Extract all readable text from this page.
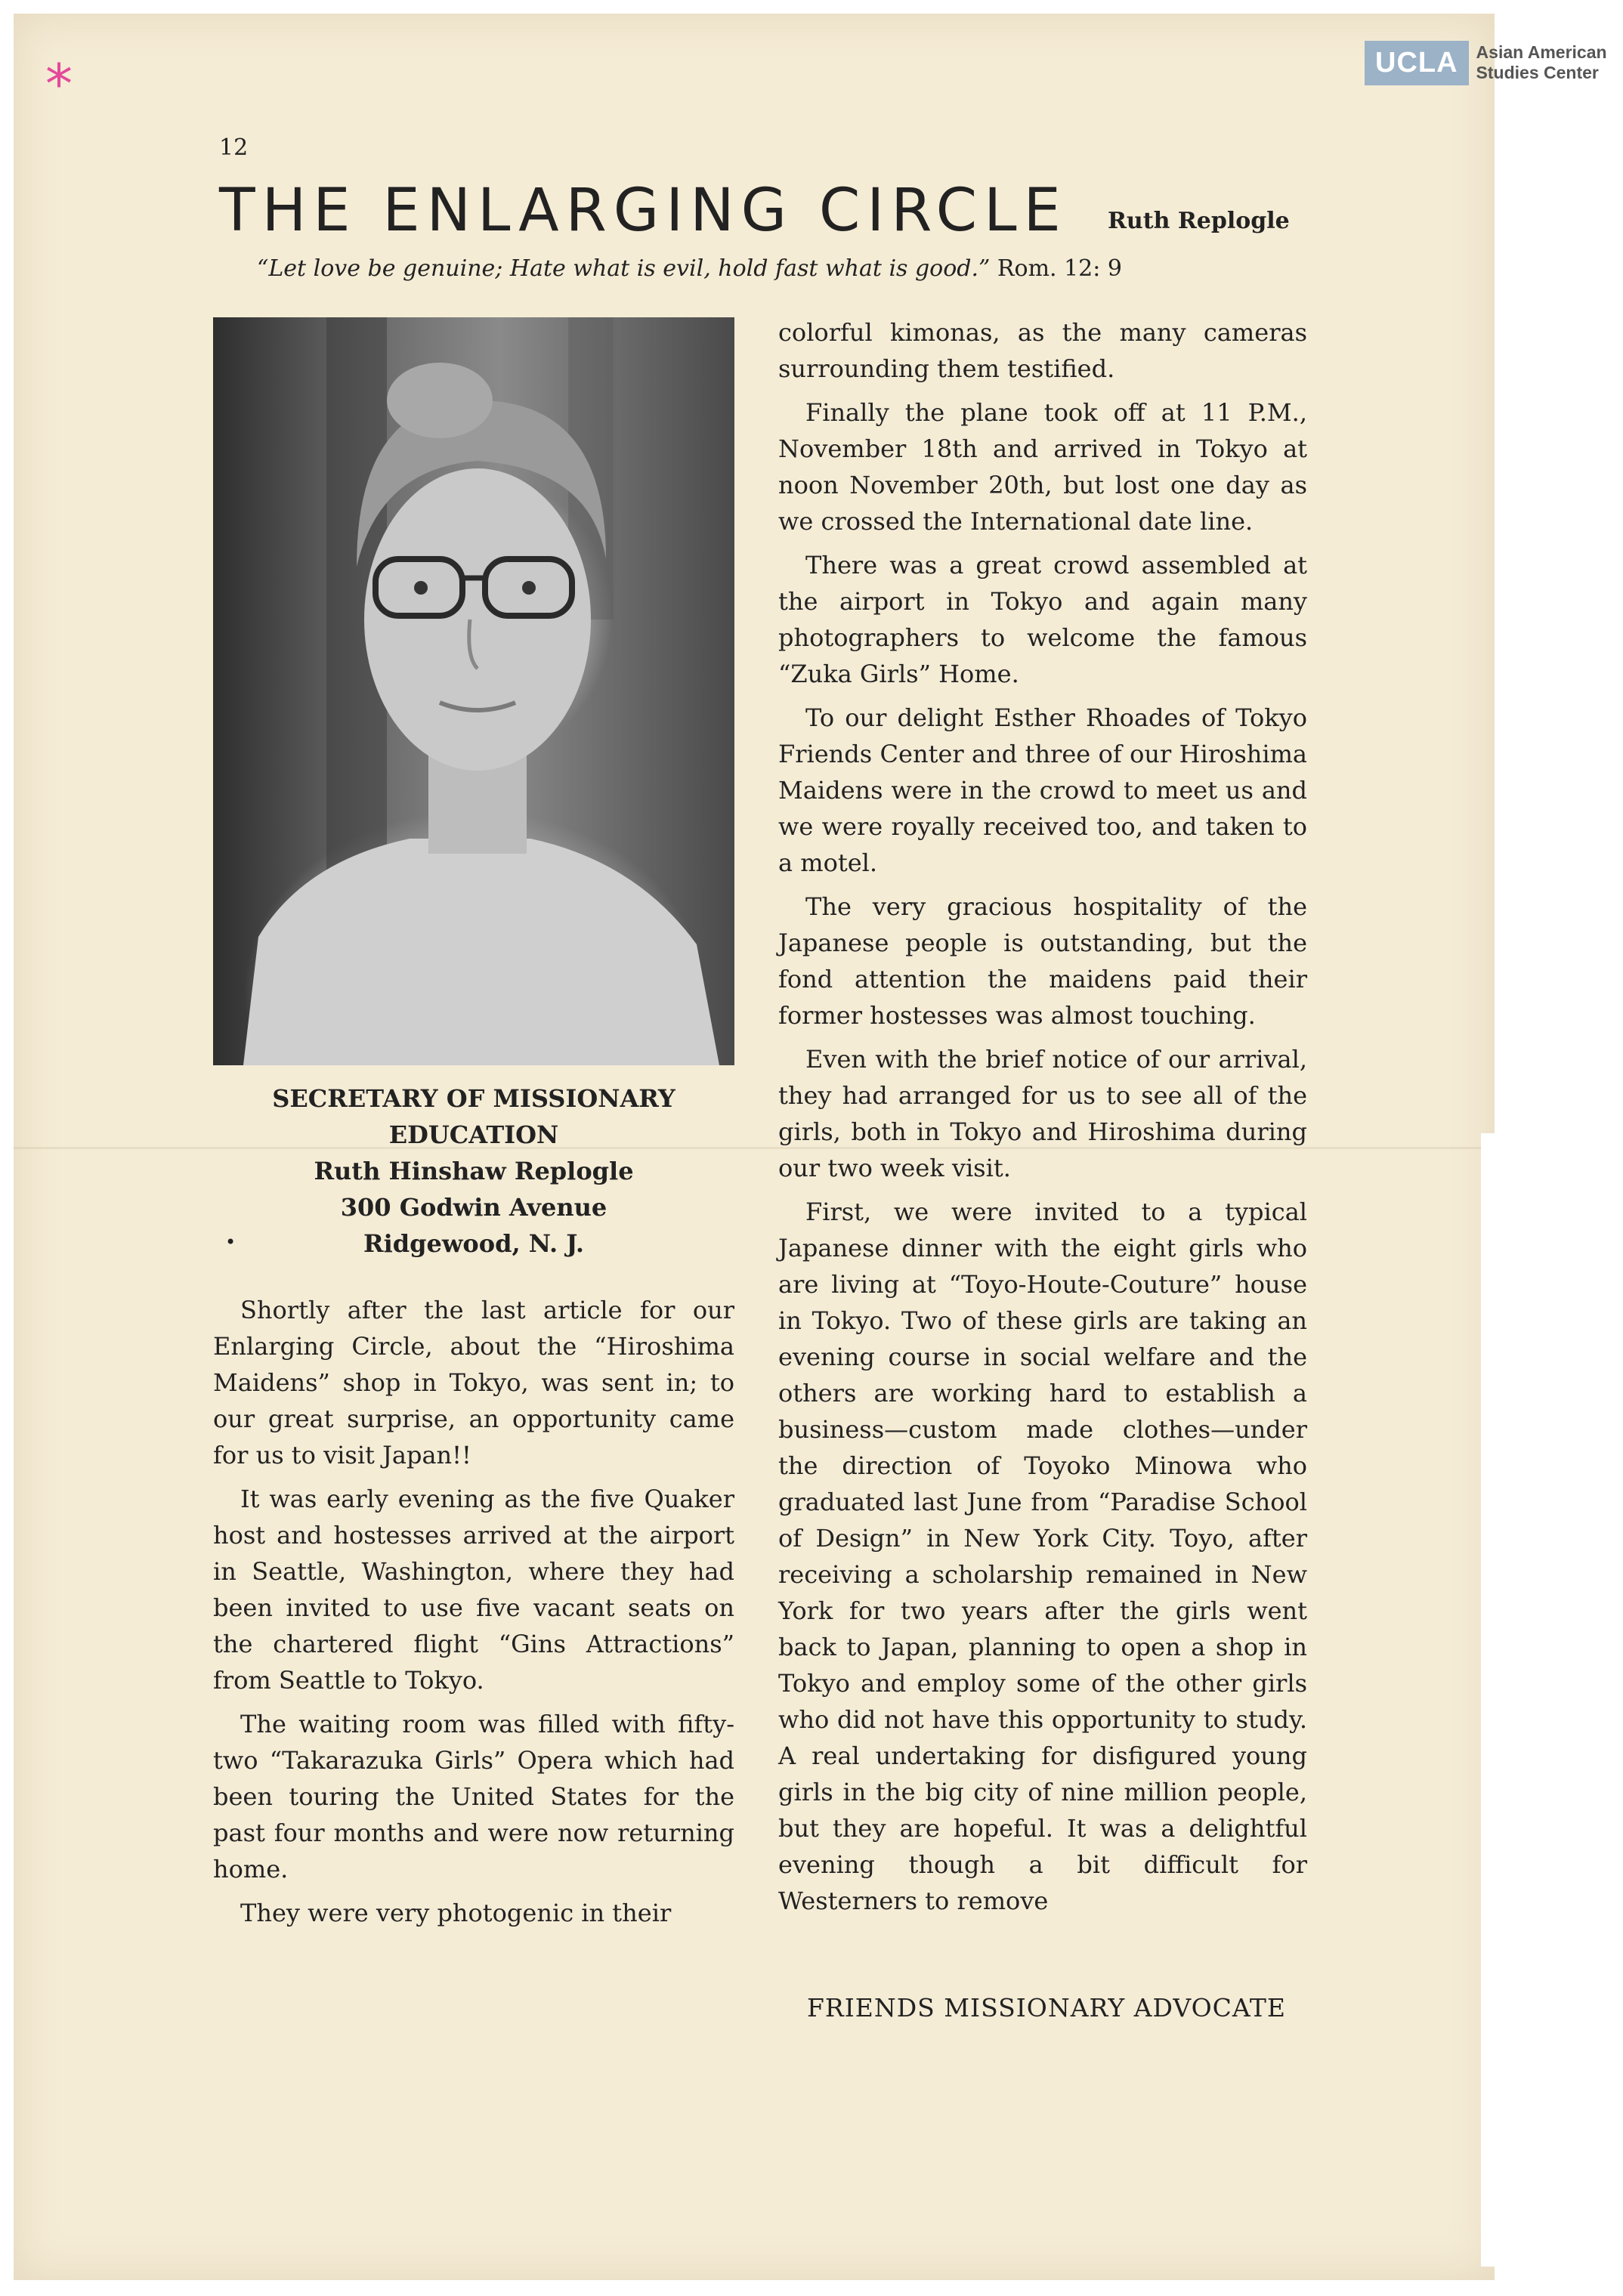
*	UCLA	Asian American
Studies Center
12
THE ENLARGING CIRCLE Ruth Replogle
“Let love be genuine; Hate what is evil, hold fast what is good.” Rom. 12: 9
SECRETARY OF MISSIONARY
EDUCATION
Ruth Hinshaw Replogle
300 Godwin Avenue
Ridgewood, N. J.
•

Shortly after the last article for our Enlarging Circle, about the “Hiroshima Maidens” shop in Tokyo, was sent in; to our great surprise, an opportunity came for us to visit Japan!!

It was early evening as the five Quaker host and hostesses arrived at the airport in Seattle, Washington, where they had been invited to use five vacant seats on the chartered flight “Gins Attractions” from Seattle to Tokyo.

The waiting room was filled with fifty-two “Takarazuka Girls” Opera which had been touring the United States for the past four months and were now returning home.

They were very photogenic in their

colorful kimonas, as the many cameras surrounding them testified.

Finally the plane took off at 11 P.M., November 18th and arrived in Tokyo at noon November 20th, but lost one day as we crossed the International date line.

There was a great crowd assembled at the airport in Tokyo and again many photographers to welcome the famous “Zuka Girls” Home.

To our delight Esther Rhoades of Tokyo Friends Center and three of our Hiroshima Maidens were in the crowd to meet us and we were royally received too, and taken to a motel.

The very gracious hospitality of the Japanese people is outstanding, but the fond attention the maidens paid their former hostesses was almost touching.

Even with the brief notice of our arrival, they had arranged for us to see all of the girls, both in Tokyo and Hiroshima during our two week visit.

First, we were invited to a typical Japanese dinner with the eight girls who are living at “Toyo-Houte-Couture” house in Tokyo. Two of these girls are taking an evening course in social welfare and the others are working hard to establish a business—custom made clothes—under the direction of Toyoko Minowa who graduated last June from “Paradise School of Design” in New York City. Toyo, after receiving a scholarship remained in New York for two years after the girls went back to Japan, planning to open a shop in Tokyo and employ some of the other girls who did not have this opportunity to study. A real undertaking for disfigured young girls in the big city of nine million people, but they are hopeful. It was a delightful evening though a bit difficult for Westerners to remove

FRIENDS MISSIONARY ADVOCATE
